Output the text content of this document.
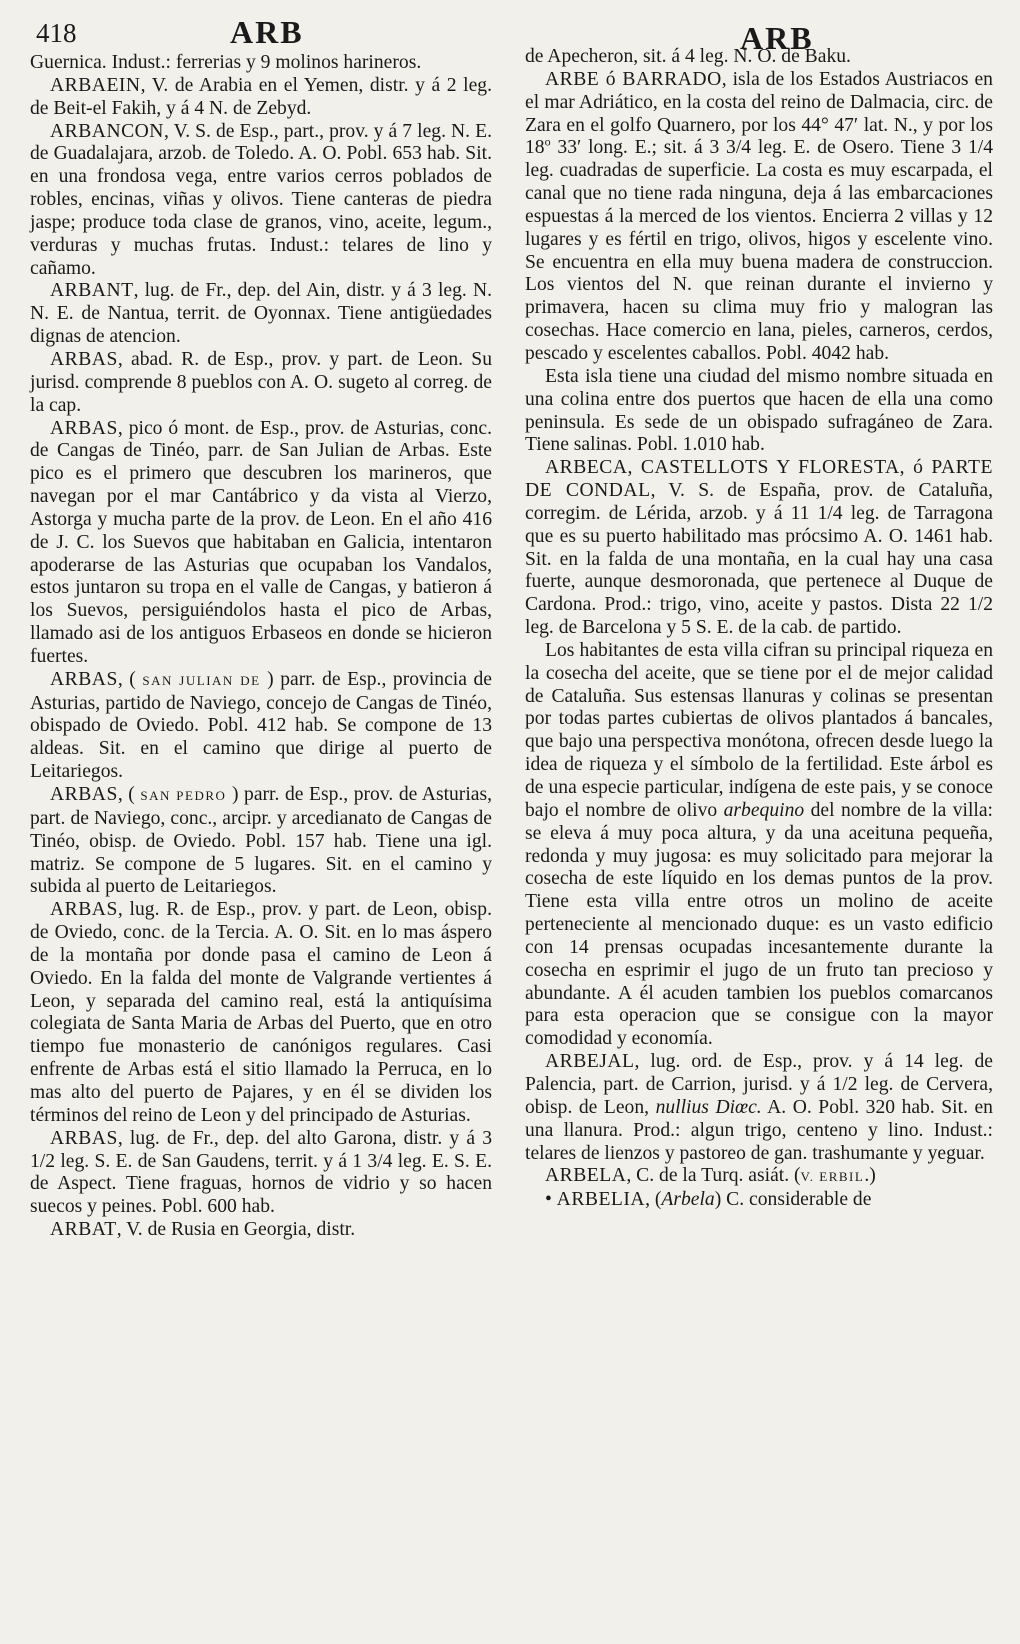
418	ARB	ARB

Guernica. Indust.: ferrerias y 9 molinos harineros.

ARBAEIN, V. de Arabia en el Yemen, distr. y á 2 leg. de Beit-el Fakih, y á 4 N. de Zebyd.

ARBANCON, V. S. de Esp., part., prov. y á 7 leg. N. E. de Guadalajara, arzob. de Toledo. A. O. Pobl. 653 hab. Sit. en una frondosa vega, entre varios cerros poblados de robles, encinas, viñas y olivos. Tiene canteras de piedra jaspe; produce toda clase de granos, vino, aceite, legum., verduras y muchas frutas. Indust.: telares de lino y cañamo.

ARBANT, lug. de Fr., dep. del Ain, distr. y á 3 leg. N. N. E. de Nantua, territ. de Oyonnax. Tiene antigüedades dignas de atencion.

ARBAS, abad. R. de Esp., prov. y part. de Leon. Su jurisd. comprende 8 pueblos con A. O. sugeto al correg. de la cap.

ARBAS, pico ó mont. de Esp., prov. de Asturias, conc. de Cangas de Tinéo, parr. de San Julian de Arbas. Este pico es el primero que descubren los marineros, que navegan por el mar Cantábrico y da vista al Vierzo, Astorga y mucha parte de la prov. de Leon. En el año 416 de J. C. los Suevos que habitaban en Galicia, intentaron apoderarse de las Asturias que ocupaban los Vandalos, estos juntaron su tropa en el valle de Cangas, y batieron á los Suevos, persiguiéndolos hasta el pico de Arbas, llamado asi de los antiguos Erbaseos en donde se hicieron fuertes.

ARBAS, ( SAN JULIAN DE ) parr. de Esp., provincia de Asturias, partido de Naviego, concejo de Cangas de Tinéo, obispado de Oviedo. Pobl. 412 hab. Se compone de 13 aldeas. Sit. en el camino que dirige al puerto de Leitariegos.

ARBAS, ( SAN PEDRO ) parr. de Esp., prov. de Asturias, part. de Naviego, conc., arcipr. y arcedianato de Cangas de Tinéo, obisp. de Oviedo. Pobl. 157 hab. Tiene una igl. matriz. Se compone de 5 lugares. Sit. en el camino y subida al puerto de Leitariegos.

ARBAS, lug. R. de Esp., prov. y part. de Leon, obisp. de Oviedo, conc. de la Tercia. A. O. Sit. en lo mas áspero de la montaña por donde pasa el camino de Leon á Oviedo. En la falda del monte de Valgrande vertientes á Leon, y separada del camino real, está la antiquísima colegiata de Santa Maria de Arbas del Puerto, que en otro tiempo fue monasterio de canónigos regulares. Casi enfrente de Arbas está el sitio llamado la Perruca, en lo mas alto del puerto de Pajares, y en él se dividen los términos del reino de Leon y del principado de Asturias.

ARBAS, lug. de Fr., dep. del alto Garona, distr. y á 3 1/2 leg. S. E. de San Gaudens, territ. y á 1 3/4 leg. E. S. E. de Aspect. Tiene fraguas, hornos de vidrio y so hacen suecos y peines. Pobl. 600 hab.

ARBAT, V. de Rusia en Georgia, distr.

de Apecheron, sit. á 4 leg. N. O. de Baku.

ARBE ó BARRADO, isla de los Estados Austriacos en el mar Adriático, en la costa del reino de Dalmacia, circ. de Zara en el golfo Quarnero, por los 44° 47′ lat. N., y por los 18$^o$ 33′ long. E.; sit. á 3 3/4 leg. E. de Osero. Tiene 3 1/4 leg. cuadradas de superficie. La costa es muy escarpada, el canal que no tiene rada ninguna, deja á las embarcaciones espuestas á la merced de los vientos. Encierra 2 villas y 12 lugares y es fértil en trigo, olivos, higos y escelente vino. Se encuentra en ella muy buena madera de construccion. Los vientos del N. que reinan durante el invierno y primavera, hacen su clima muy frio y malogran las cosechas. Hace comercio en lana, pieles, carneros, cerdos, pescado y escelentes caballos. Pobl. 4042 hab.

Esta isla tiene una ciudad del mismo nombre situada en una colina entre dos puertos que hacen de ella una como peninsula. Es sede de un obispado sufragáneo de Zara. Tiene salinas. Pobl. 1.010 hab.

ARBECA, CASTELLOTS Y FLORESTA, ó PARTE DE CONDAL, V. S. de España, prov. de Cataluña, corregim. de Lérida, arzob. y á 11 1/4 leg. de Tarragona que es su puerto habilitado mas prócsimo A. O. 1461 hab. Sit. en la falda de una montaña, en la cual hay una casa fuerte, aunque desmoronada, que pertenece al Duque de Cardona. Prod.: trigo, vino, aceite y pastos. Dista 22 1/2 leg. de Barcelona y 5 S. E. de la cab. de partido.

Los habitantes de esta villa cifran su principal riqueza en la cosecha del aceite, que se tiene por el de mejor calidad de Cataluña. Sus estensas llanuras y colinas se presentan por todas partes cubiertas de olivos plantados á bancales, que bajo una perspectiva monótona, ofrecen desde luego la idea de riqueza y el símbolo de la fertilidad. Este árbol es de una especie particular, indígena de este pais, y se conoce bajo el nombre de olivo arbequino del nombre de la villa: se eleva á muy poca altura, y da una aceituna pequeña, redonda y muy jugosa: es muy solicitado para mejorar la cosecha de este líquido en los demas puntos de la prov. Tiene esta villa entre otros un molino de aceite perteneciente al mencionado duque: es un vasto edificio con 14 prensas ocupadas incesantemente durante la cosecha en esprimir el jugo de un fruto tan precioso y abundante. A él acuden tambien los pueblos comarcanos para esta operacion que se consigue con la mayor comodidad y economía.

ARBEJAL, lug. ord. de Esp., prov. y á 14 leg. de Palencia, part. de Carrion, jurisd. y á 1/2 leg. de Cervera, obisp. de Leon, nullius Diœc. A. O. Pobl. 320 hab. Sit. en una llanura. Prod.: algun trigo, centeno y lino. Indust.: telares de lienzos y pastoreo de gan. trashumante y yeguar.

ARBELA, C. de la Turq. asiát. (V. ERBIL.)

• ARBELIA, (Arbela) C. considerable de
